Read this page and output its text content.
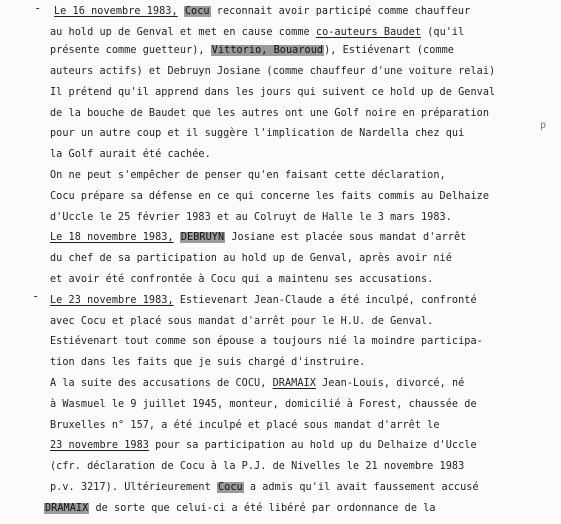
-
-
p
Le 16 novembre 1983, Cocu reconnait avoir participé comme chauffeur
au hold up de Genval et met en cause comme co-auteurs Baudet (qu'il
présente comme guetteur), Vittorio, Bouaroud), Estiévenart (comme
auteurs actifs) et Debruyn Josiane (comme chauffeur d'une voiture relai)
Il prétend qu'il apprend dans les jours qui suivent ce hold up de Genval
de la bouche de Baudet que les autres ont une Golf noire en préparation
pour un autre coup et il suggère l'implication de Nardella chez qui
la Golf aurait été cachée.
On ne peut s'empêcher de penser qu'en faisant cette déclaration,
Cocu prépare sa défense en ce qui concerne les faits commis au Delhaize
d'Uccle le 25 février 1983 et au Colruyt de Halle le 3 mars 1983.
Le 18 novembre 1983, DEBRUYN Josiane est placée sous mandat d'arrêt
du chef de sa participation au hold up de Genval, après avoir nié
et avoir été confrontée à Cocu qui a maintenu ses accusations.
Le 23 novembre 1983, Estievenart Jean-Claude a été inculpé, confronté
avec Cocu et placé sous mandat d'arrêt pour le H.U. de Genval.
Estiévenart tout comme son épouse a toujours nié la moindre participa-
tion dans les faits que je suis chargé d'instruire.
A la suite des accusations de COCU, DRAMAIX Jean-Louis, divorcé, né
à Wasmuel le 9 juillet 1945, monteur, domicilié à Forest, chaussée de
Bruxelles n° 157, a été inculpé et placé sous mandat d'arrêt le
23 novembre 1983 pour sa participation au hold up du Delhaize d'Uccle
(cfr. déclaration de Cocu à la P.J. de Nivelles le 21 novembre 1983
p.v. 3217). Ultérieurement Cocu a admis qu'il avait faussement accusé
DRAMAIX de sorte que celui-ci a été libéré par ordonnance de la
